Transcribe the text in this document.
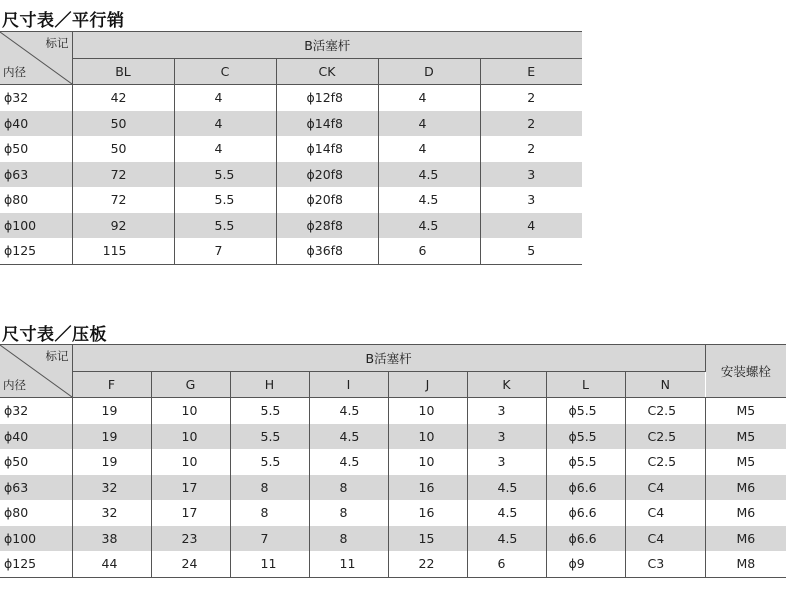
尺寸表／平行销
标记
内径	B活塞杆				
	BL	C	CK	D	E
ϕ32	42	4	ϕ12f8	4	2
ϕ40	50	4	ϕ14f8	4	2
ϕ50	50	4	ϕ14f8	4	2
ϕ63	72	5.5	ϕ20f8	4.5	3
ϕ80	72	5.5	ϕ20f8	4.5	3
ϕ100	92	5.5	ϕ28f8	4.5	4
ϕ125	115	7	ϕ36f8	6	5
尺寸表／压板
标记
内径	B活塞杆								安装螺栓
	F	G	H	I	J	K	L	N	
ϕ32	19	10	5.5	4.5	10	3	ϕ5.5	C2.5	M5
ϕ40	19	10	5.5	4.5	10	3	ϕ5.5	C2.5	M5
ϕ50	19	10	5.5	4.5	10	3	ϕ5.5	C2.5	M5
ϕ63	32	17	8	8	16	4.5	ϕ6.6	C4	M6
ϕ80	32	17	8	8	16	4.5	ϕ6.6	C4	M6
ϕ100	38	23	7	8	15	4.5	ϕ6.6	C4	M6
ϕ125	44	24	11	11	22	6	ϕ9	C3	M8
